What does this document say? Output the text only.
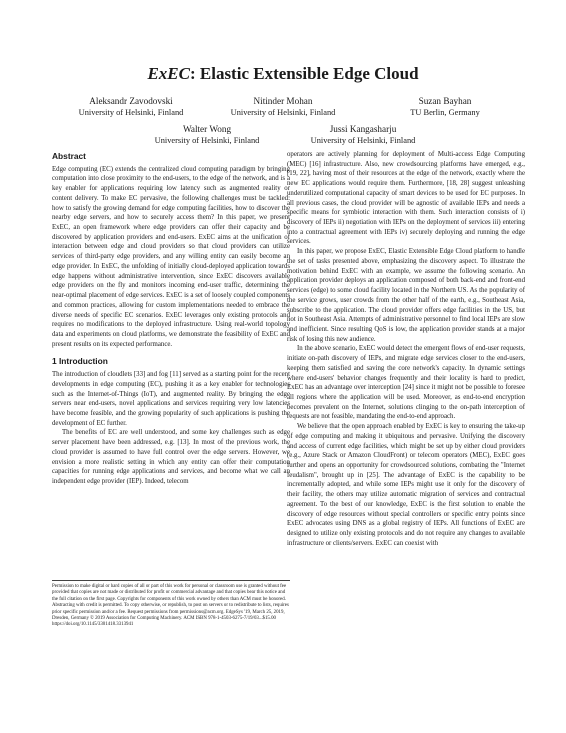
ExEC: Elastic Extensible Edge Cloud
Aleksandr Zavodovski
University of Helsinki, Finland
Nitinder Mohan
University of Helsinki, Finland
Suzan Bayhan
TU Berlin, Germany
Walter Wong
University of Helsinki, Finland
Jussi Kangasharju
University of Helsinki, Finland
Abstract

Edge computing (EC) extends the centralized cloud computing paradigm by bringing computation into close proximity to the end-users, to the edge of the network, and is a key enabler for applications requiring low latency such as augmented reality or content delivery. To make EC pervasive, the following challenges must be tackled: how to satisfy the growing demand for edge computing facilities, how to discover the nearby edge servers, and how to securely access them? In this paper, we present ExEC, an open framework where edge providers can offer their capacity and be discovered by application providers and end-users. ExEC aims at the unification of interaction between edge and cloud providers so that cloud providers can utilize services of third-party edge providers, and any willing entity can easily become an edge provider. In ExEC, the unfolding of initially cloud-deployed application towards edge happens without administrative intervention, since ExEC discovers available edge providers on the fly and monitors incoming end-user traffic, determining the near-optimal placement of edge services. ExEC is a set of loosely coupled components and common practices, allowing for custom implementations needed to embrace the diverse needs of specific EC scenarios. ExEC leverages only existing protocols and requires no modifications to the deployed infrastructure. Using real-world topology data and experiments on cloud platforms, we demonstrate the feasibility of ExEC and present results on its expected performance.

1 Introduction

The introduction of cloudlets [33] and fog [11] served as a starting point for the recent developments in edge computing (EC), pushing it as a key enabler for technologies such as the Internet-of-Things (IoT), and augmented reality. By bringing the edge servers near end-users, novel applications and services requiring very low latencies have become feasible, and the growing popularity of such applications is pushing the development of EC further.

The benefits of EC are well understood, and some key challenges such as edge server placement have been addressed, e.g. [13]. In most of the previous work, the cloud provider is assumed to have full control over the edge servers. However, we envision a more realistic setting in which any entity can offer their computation capacities for running edge applications and services, and become what we call an independent edge provider (IEP). Indeed, telecom

Permission to make digital or hard copies of all or part of this work for personal or classroom use is granted without fee provided that copies are not made or distributed for profit or commercial advantage and that copies bear this notice and the full citation on the first page. Copyrights for components of this work owned by others than ACM must be honored. Abstracting with credit is permitted. To copy otherwise, or republish, to post on servers or to redistribute to lists, requires prior specific permission and/or a fee. Request permissions from permissions@acm.org. EdgeSys '19, March 25, 2019, Dresden, Germany © 2019 Association for Computing Machinery. ACM ISBN 978-1-4503-6275-7/19/03...$15.00 https://doi.org/10.1145/3301418.3313941

operators are actively planning for deployment of Multi-access Edge Computing (MEC) [16] infrastructure. Also, new crowdsourcing platforms have emerged, e.g., [19, 22], having most of their resources at the edge of the network, exactly where the new EC applications would require them. Furthermore, [18, 28] suggest unleashing underutilized computational capacity of smart devices to be used for EC purposes. In all previous cases, the cloud provider will be agnostic of available IEPs and needs a specific means for symbiotic interaction with them. Such interaction consists of i) discovery of IEPs ii) negotiation with IEPs on the deployment of services iii) entering into a contractual agreement with IEPs iv) securely deploying and running the edge services.

In this paper, we propose ExEC, Elastic Extensible Edge Cloud platform to handle the set of tasks presented above, emphasizing the discovery aspect. To illustrate the motivation behind ExEC with an example, we assume the following scenario. An application provider deploys an application composed of both back-end and front-end services (edge) to some cloud facility located in the Northern US. As the popularity of the service grows, user crowds from the other half of the earth, e.g., Southeast Asia, subscribe to the application. The cloud provider offers edge facilities in the US, but not in Southeast Asia. Attempts of administrative personnel to find local IEPs are slow and inefficient. Since resulting QoS is low, the application provider stands at a major risk of losing this new audience.

In the above scenario, ExEC would detect the emergent flows of end-user requests, initiate on-path discovery of IEPs, and migrate edge services closer to the end-users, keeping them satisfied and saving the core network's capacity. In dynamic settings where end-users' behavior changes frequently and their locality is hard to predict, ExEC has an advantage over interception [24] since it might not be possible to foresee all regions where the application will be used. Moreover, as end-to-end encryption becomes prevalent on the Internet, solutions clinging to the on-path interception of requests are not feasible, mandating the end-to-end approach.

We believe that the open approach enabled by ExEC is key to ensuring the take-up of edge computing and making it ubiquitous and pervasive. Unifying the discovery and access of current edge facilities, which might be set up by either cloud providers (e.g., Azure Stack or Amazon CloudFront) or telecom operators (MEC), ExEC goes further and opens an opportunity for crowdsourced solutions, combating the "Internet feudalism", brought up in [25]. The advantage of ExEC is the capability to be incrementally adopted, and while some IEPs might use it only for the discovery of their facility, the others may utilize automatic migration of services and contractual agreement. To the best of our knowledge, ExEC is the first solution to enable the discovery of edge resources without special controllers or specific entry points since ExEC advocates using DNS as a global registry of IEPs. All functions of ExEC are designed to utilize only existing protocols and do not require any changes to available infrastructure or clients/servers. ExEC can coexist with
